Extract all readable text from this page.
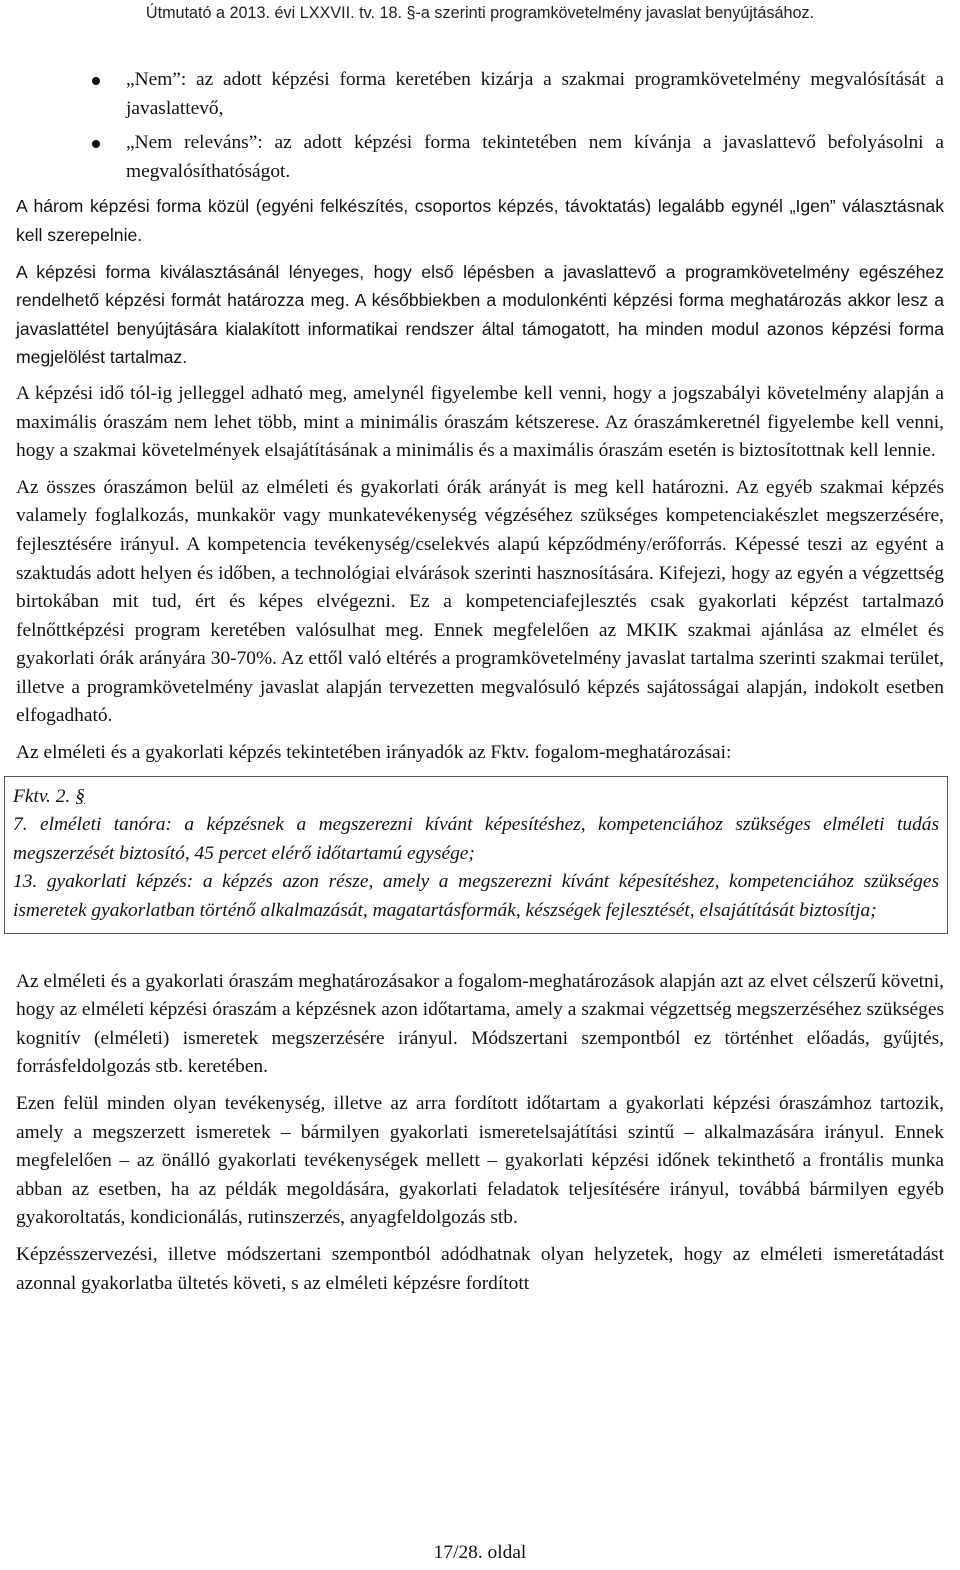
Útmutató a 2013. évi LXXVII. tv. 18. §-a szerinti programkövetelmény javaslat benyújtásához.
„Nem”: az adott képzési forma keretében kizárja a szakmai programkövetelmény megvalósítását a javaslattevő,
„Nem releváns”: az adott képzési forma tekintetében nem kívánja a javaslattevő befolyásolni a megvalósíthatóságot.

A három képzési forma közül (egyéni felkészítés, csoportos képzés, távoktatás) legalább egynél „Igen” választásnak kell szerepelnie.

A képzési forma kiválasztásánál lényeges, hogy első lépésben a javaslattevő a programkövetelmény egészéhez rendelhető képzési formát határozza meg. A későbbiekben a modulonkénti képzési forma meghatározás akkor lesz a javaslattétel benyújtására kialakított informatikai rendszer által támogatott, ha minden modul azonos képzési forma megjelölést tartalmaz.

A képzési idő tól-ig jelleggel adható meg, amelynél figyelembe kell venni, hogy a jogszabályi követelmény alapján a maximális óraszám nem lehet több, mint a minimális óraszám kétszerese. Az óraszámkeretnél figyelembe kell venni, hogy a szakmai követelmények elsajátításának a minimális és a maximális óraszám esetén is biztosítottnak kell lennie.

Az összes óraszámon belül az elméleti és gyakorlati órák arányát is meg kell határozni. Az egyéb szakmai képzés valamely foglalkozás, munkakör vagy munkatevékenység végzéséhez szükséges kompetenciakészlet megszerzésére, fejlesztésére irányul. A kompetencia tevékenység/cselekvés alapú képződmény/erőforrás. Képessé teszi az egyént a szaktudás adott helyen és időben, a technológiai elvárások szerinti hasznosítására. Kifejezi, hogy az egyén a végzettség birtokában mit tud, ért és képes elvégezni. Ez a kompetenciafejlesztés csak gyakorlati képzést tartalmazó felnőttképzési program keretében valósulhat meg. Ennek megfelelően az MKIK szakmai ajánlása az elmélet és gyakorlati órák arányára 30-70%. Az ettől való eltérés a programkövetelmény javaslat tartalma szerinti szakmai terület, illetve a programkövetelmény javaslat alapján tervezetten megvalósuló képzés sajátosságai alapján, indokolt esetben elfogadható.

Az elméleti és a gyakorlati képzés tekintetében irányadók az Fktv. fogalom-meghatározásai:

Fktv. 2. §

7. elméleti tanóra: a képzésnek a megszerezni kívánt képesítéshez, kompetenciához szükséges elméleti tudás megszerzését biztosító, 45 percet elérő időtartamú egysége;

13. gyakorlati képzés: a képzés azon része, amely a megszerezni kívánt képesítéshez, kompetenciához szükséges ismeretek gyakorlatban történő alkalmazását, magatartásformák, készségek fejlesztését, elsajátítását biztosítja;

Az elméleti és a gyakorlati óraszám meghatározásakor a fogalom-meghatározások alapján azt az elvet célszerű követni, hogy az elméleti képzési óraszám a képzésnek azon időtartama, amely a szakmai végzettség megszerzéséhez szükséges kognitív (elméleti) ismeretek megszerzésére irányul. Módszertani szempontból ez történhet előadás, gyűjtés, forrásfeldolgozás stb. keretében.

Ezen felül minden olyan tevékenység, illetve az arra fordított időtartam a gyakorlati képzési óraszámhoz tartozik, amely a megszerzett ismeretek – bármilyen gyakorlati ismeretelsajátítási szintű – alkalmazására irányul. Ennek megfelelően – az önálló gyakorlati tevékenységek mellett – gyakorlati képzési időnek tekinthető a frontális munka abban az esetben, ha az példák megoldására, gyakorlati feladatok teljesítésére irányul, továbbá bármilyen egyéb gyakoroltatás, kondicionálás, rutinszerzés, anyagfeldolgozás stb.

Képzésszervezési, illetve módszertani szempontból adódhatnak olyan helyzetek, hogy az elméleti ismeretátadást azonnal gyakorlatba ültetés követi, s az elméleti képzésre fordított

17/28. oldal
